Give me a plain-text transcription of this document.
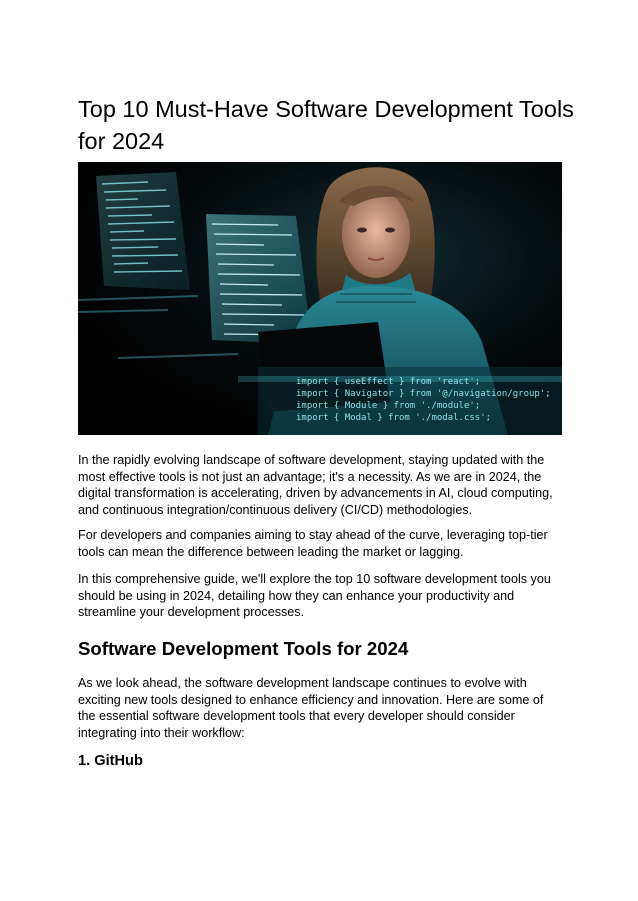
Top 10 Must-Have Software Development Tools for 2024
import { useEffect } from 'react';
import { Navigator } from '@/navigation/group';
import { Module } from './module';
import { Modal } from './modal.css';

In the rapidly evolving landscape of software development, staying updated with the most effective tools is not just an advantage; it's a necessity. As we are in 2024, the digital transformation is accelerating, driven by advancements in AI, cloud computing, and continuous integration/continuous delivery (CI/CD) methodologies.

For developers and companies aiming to stay ahead of the curve, leveraging top-tier tools can mean the difference between leading the market or lagging.

In this comprehensive guide, we'll explore the top 10 software development tools you should be using in 2024, detailing how they can enhance your productivity and streamline your development processes.

Software Development Tools for 2024

As we look ahead, the software development landscape continues to evolve with exciting new tools designed to enhance efficiency and innovation. Here are some of the essential software development tools that every developer should consider integrating into their workflow:

1. GitHub
